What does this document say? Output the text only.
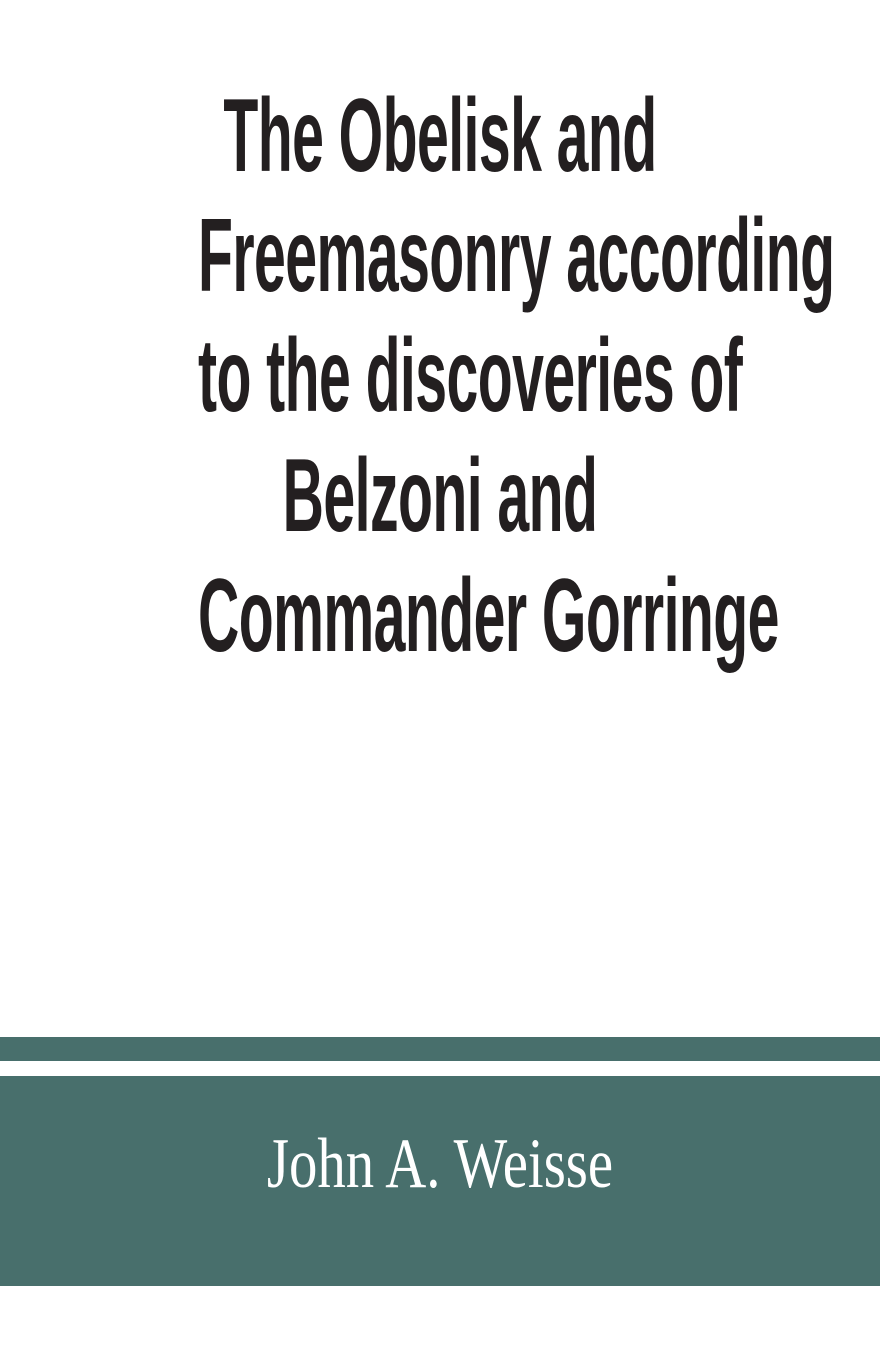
The Obelisk and
Freemasonry according
to the discoveries of
Belzoni and
Commander Gorringe
John A. Weisse
